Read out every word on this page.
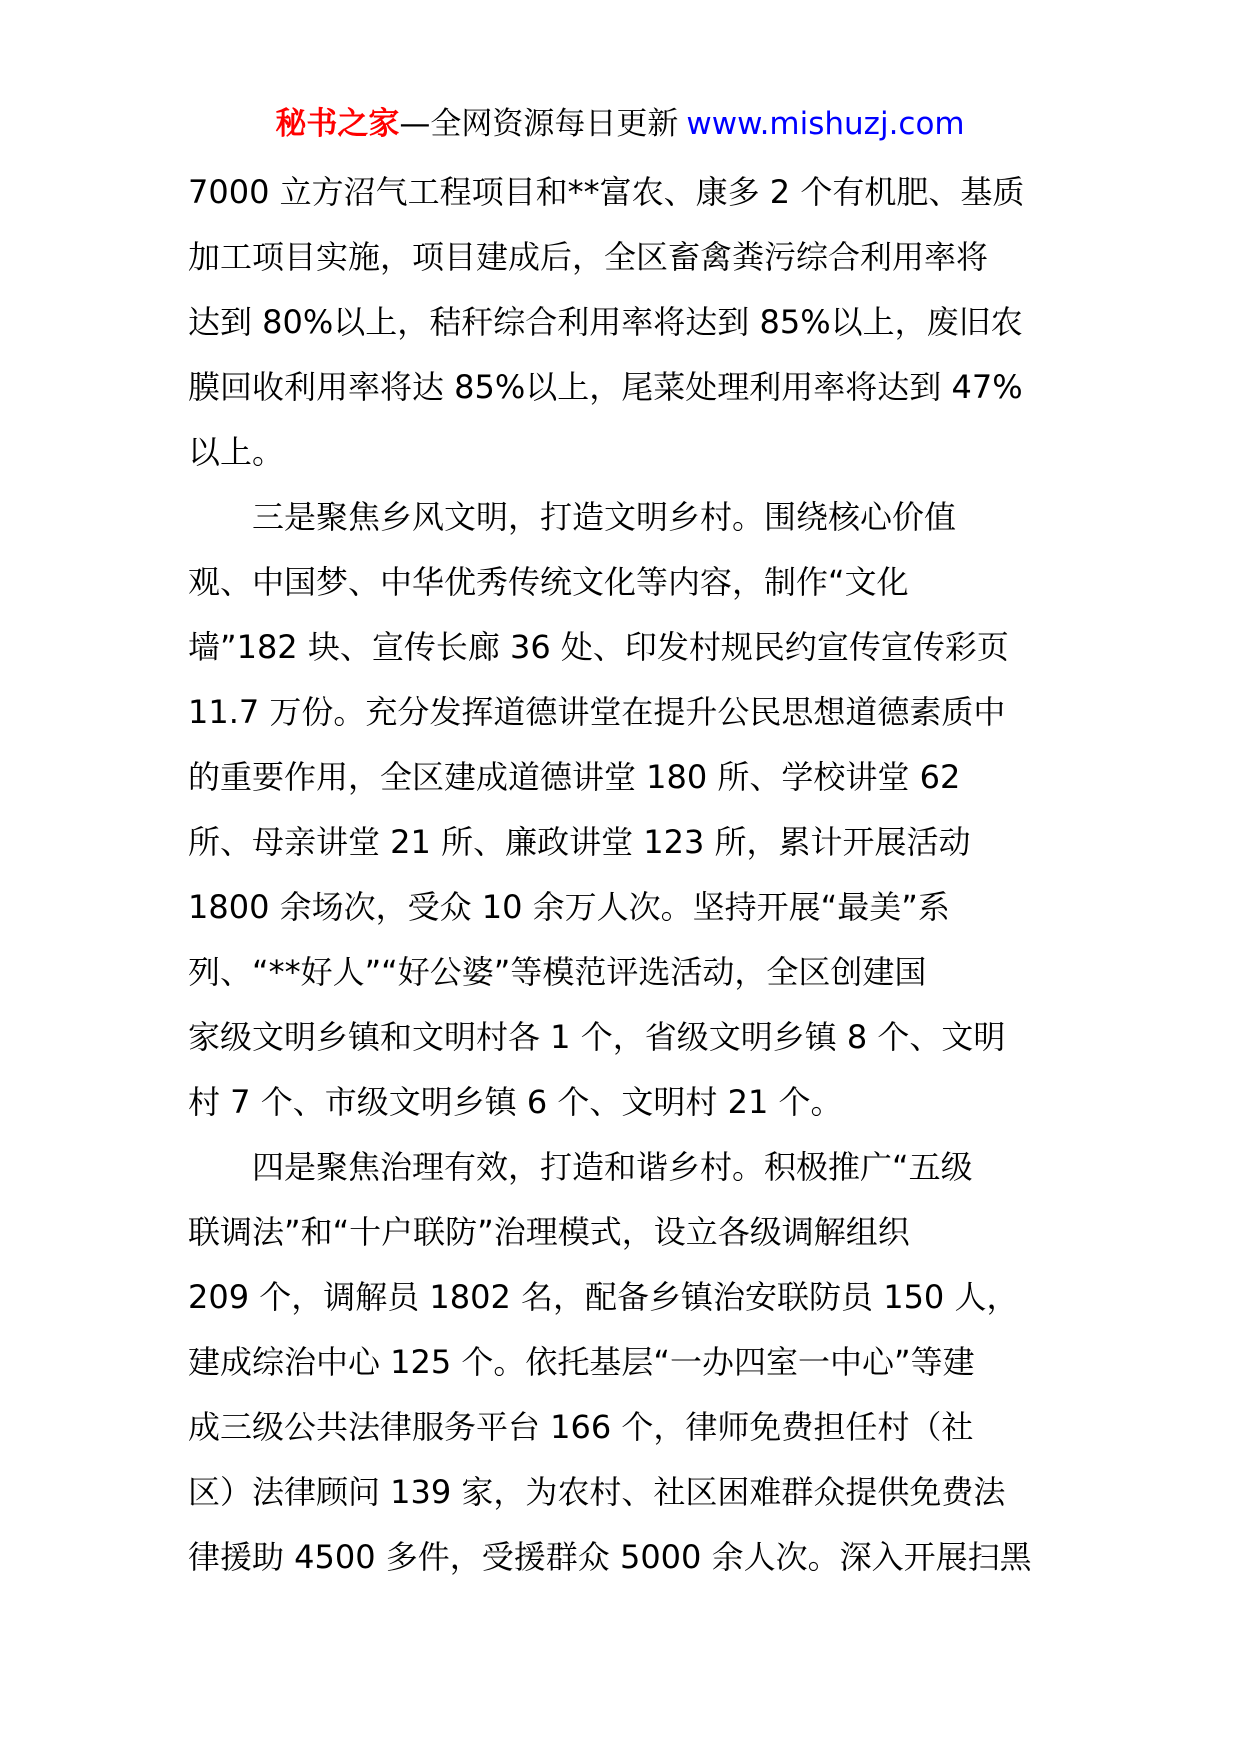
秘书之家—全网资源每日更新 www.mishuzj.com
7000 立方沼气工程项目和**富农、康多 2 个有机肥、基质
加工项目实施，项目建成后，全区畜禽粪污综合利用率将
达到 80%以上，秸秆综合利用率将达到 85%以上，废旧农
膜回收利用率将达 85%以上，尾菜处理利用率将达到 47%
以上。
三是聚焦乡风文明，打造文明乡村。围绕核心价值
观、中国梦、中华优秀传统文化等内容，制作“文化
墙”182 块、宣传长廊 36 处、印发村规民约宣传宣传彩页
11.7 万份。充分发挥道德讲堂在提升公民思想道德素质中
的重要作用，全区建成道德讲堂 180 所、学校讲堂 62
所、母亲讲堂 21 所、廉政讲堂 123 所，累计开展活动
1800 余场次，受众 10 余万人次。坚持开展“最美”系
列、“**好人”“好公婆”等模范评选活动，全区创建国
家级文明乡镇和文明村各 1 个，省级文明乡镇 8 个、文明
村 7 个、市级文明乡镇 6 个、文明村 21 个。
四是聚焦治理有效，打造和谐乡村。积极推广“五级
联调法”和“十户联防”治理模式，设立各级调解组织
209 个，调解员 1802 名，配备乡镇治安联防员 150 人，
建成综治中心 125 个。依托基层“一办四室一中心”等建
成三级公共法律服务平台 166 个，律师免费担任村（社
区）法律顾问 139 家，为农村、社区困难群众提供免费法
律援助 4500 多件，受援群众 5000 余人次。深入开展扫黑
